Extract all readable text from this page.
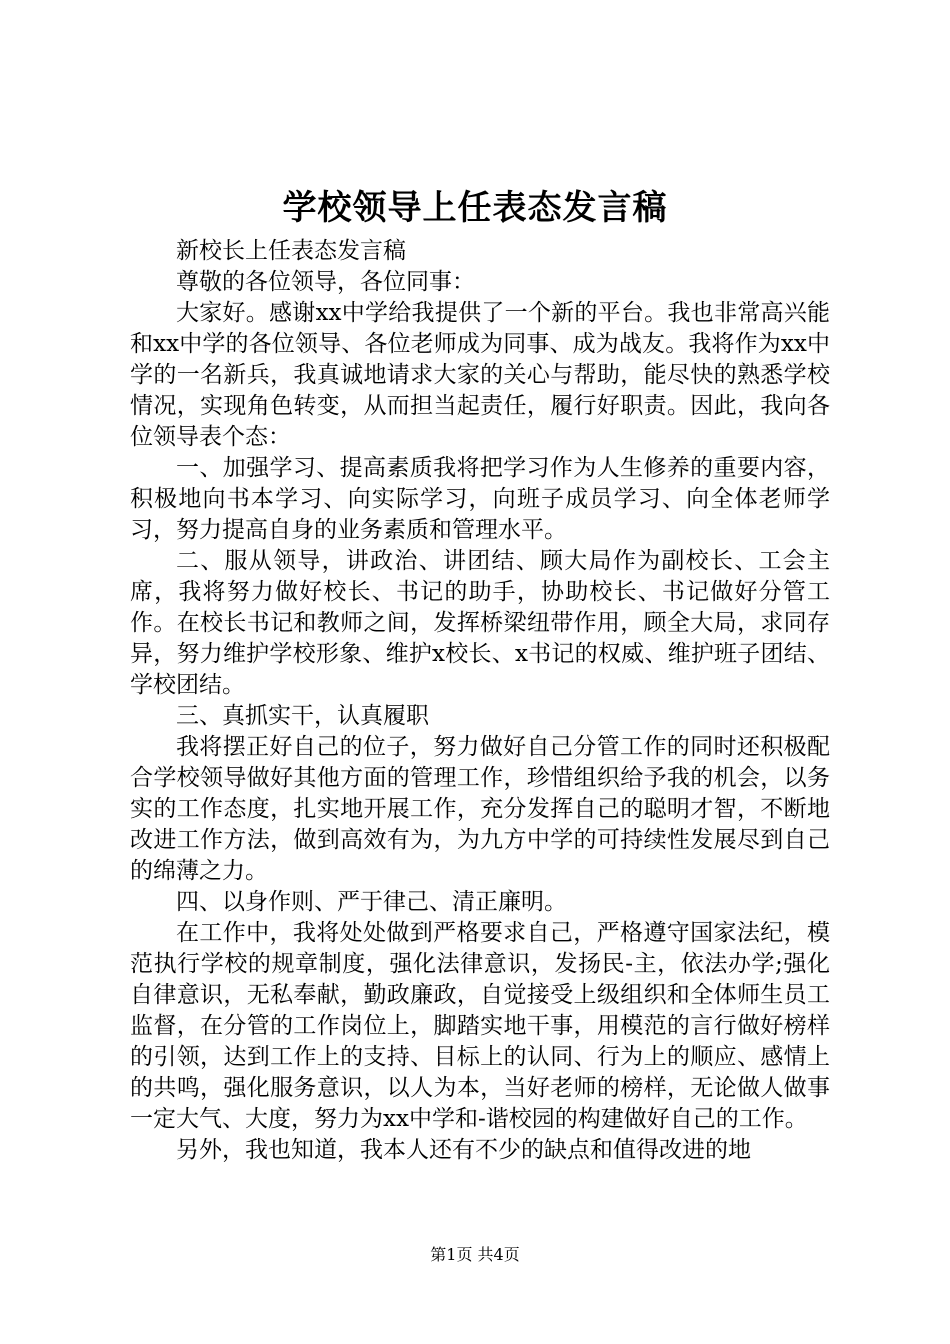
学校领导上任表态发言稿

新校长上任表态发言稿

尊敬的各位领导，各位同事：

大家好。感谢xx中学给我提供了一个新的平台。我也非常高兴能和xx中学的各位领导、各位老师成为同事、成为战友。我将作为xx中学的一名新兵，我真诚地请求大家的关心与帮助，能尽快的熟悉学校情况，实现角色转变，从而担当起责任，履行好职责。因此，我向各位领导表个态：

一、加强学习、提高素质我将把学习作为人生修养的重要内容，积极地向书本学习、向实际学习，向班子成员学习、向全体老师学习，努力提高自身的业务素质和管理水平。

二、服从领导，讲政治、讲团结、顾大局作为副校长、工会主席，我将努力做好校长、书记的助手，协助校长、书记做好分管工作。在校长书记和教师之间，发挥桥梁纽带作用，顾全大局，求同存异，努力维护学校形象、维护x校长、x书记的权威、维护班子团结、学校团结。

三、真抓实干，认真履职

我将摆正好自己的位子，努力做好自己分管工作的同时还积极配合学校领导做好其他方面的管理工作，珍惜组织给予我的机会，以务实的工作态度，扎实地开展工作，充分发挥自己的聪明才智，不断地改进工作方法，做到高效有为，为九方中学的可持续性发展尽到自己的绵薄之力。

四、以身作则、严于律己、清正廉明。

在工作中，我将处处做到严格要求自己，严格遵守国家法纪，模范执行学校的规章制度，强化法律意识，发扬民-主，依法办学;强化自律意识，无私奉献，勤政廉政，自觉接受上级组织和全体师生员工监督，在分管的工作岗位上，脚踏实地干事，用模范的言行做好榜样的引领，达到工作上的支持、目标上的认同、行为上的顺应、感情上的共鸣，强化服务意识，以人为本，当好老师的榜样，无论做人做事一定大气、大度，努力为xx中学和-谐校园的构建做好自己的工作。

另外，我也知道，我本人还有不少的缺点和值得改进的地

第1页 共4页
